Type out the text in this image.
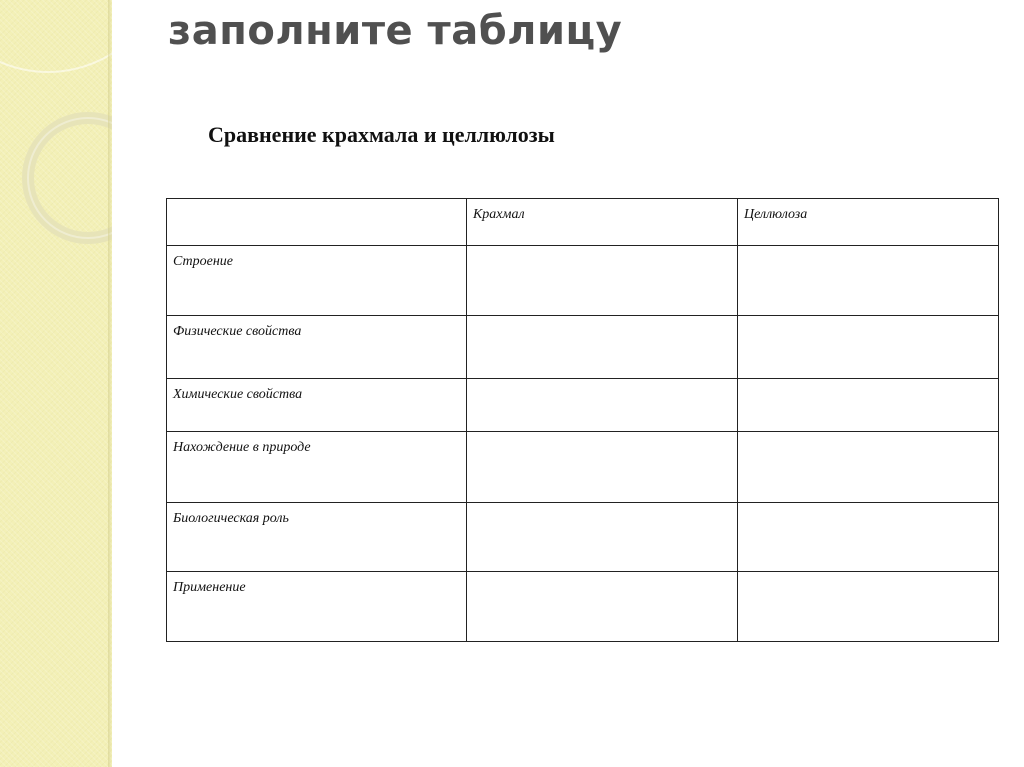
заполните таблицу
Сравнение крахмала и целлюлозы
	Крахмал	Целлюлоза
Строение		
Физические свойства		
Химические свойства		
Нахождение в природе		
Биологическая роль		
Применение		
